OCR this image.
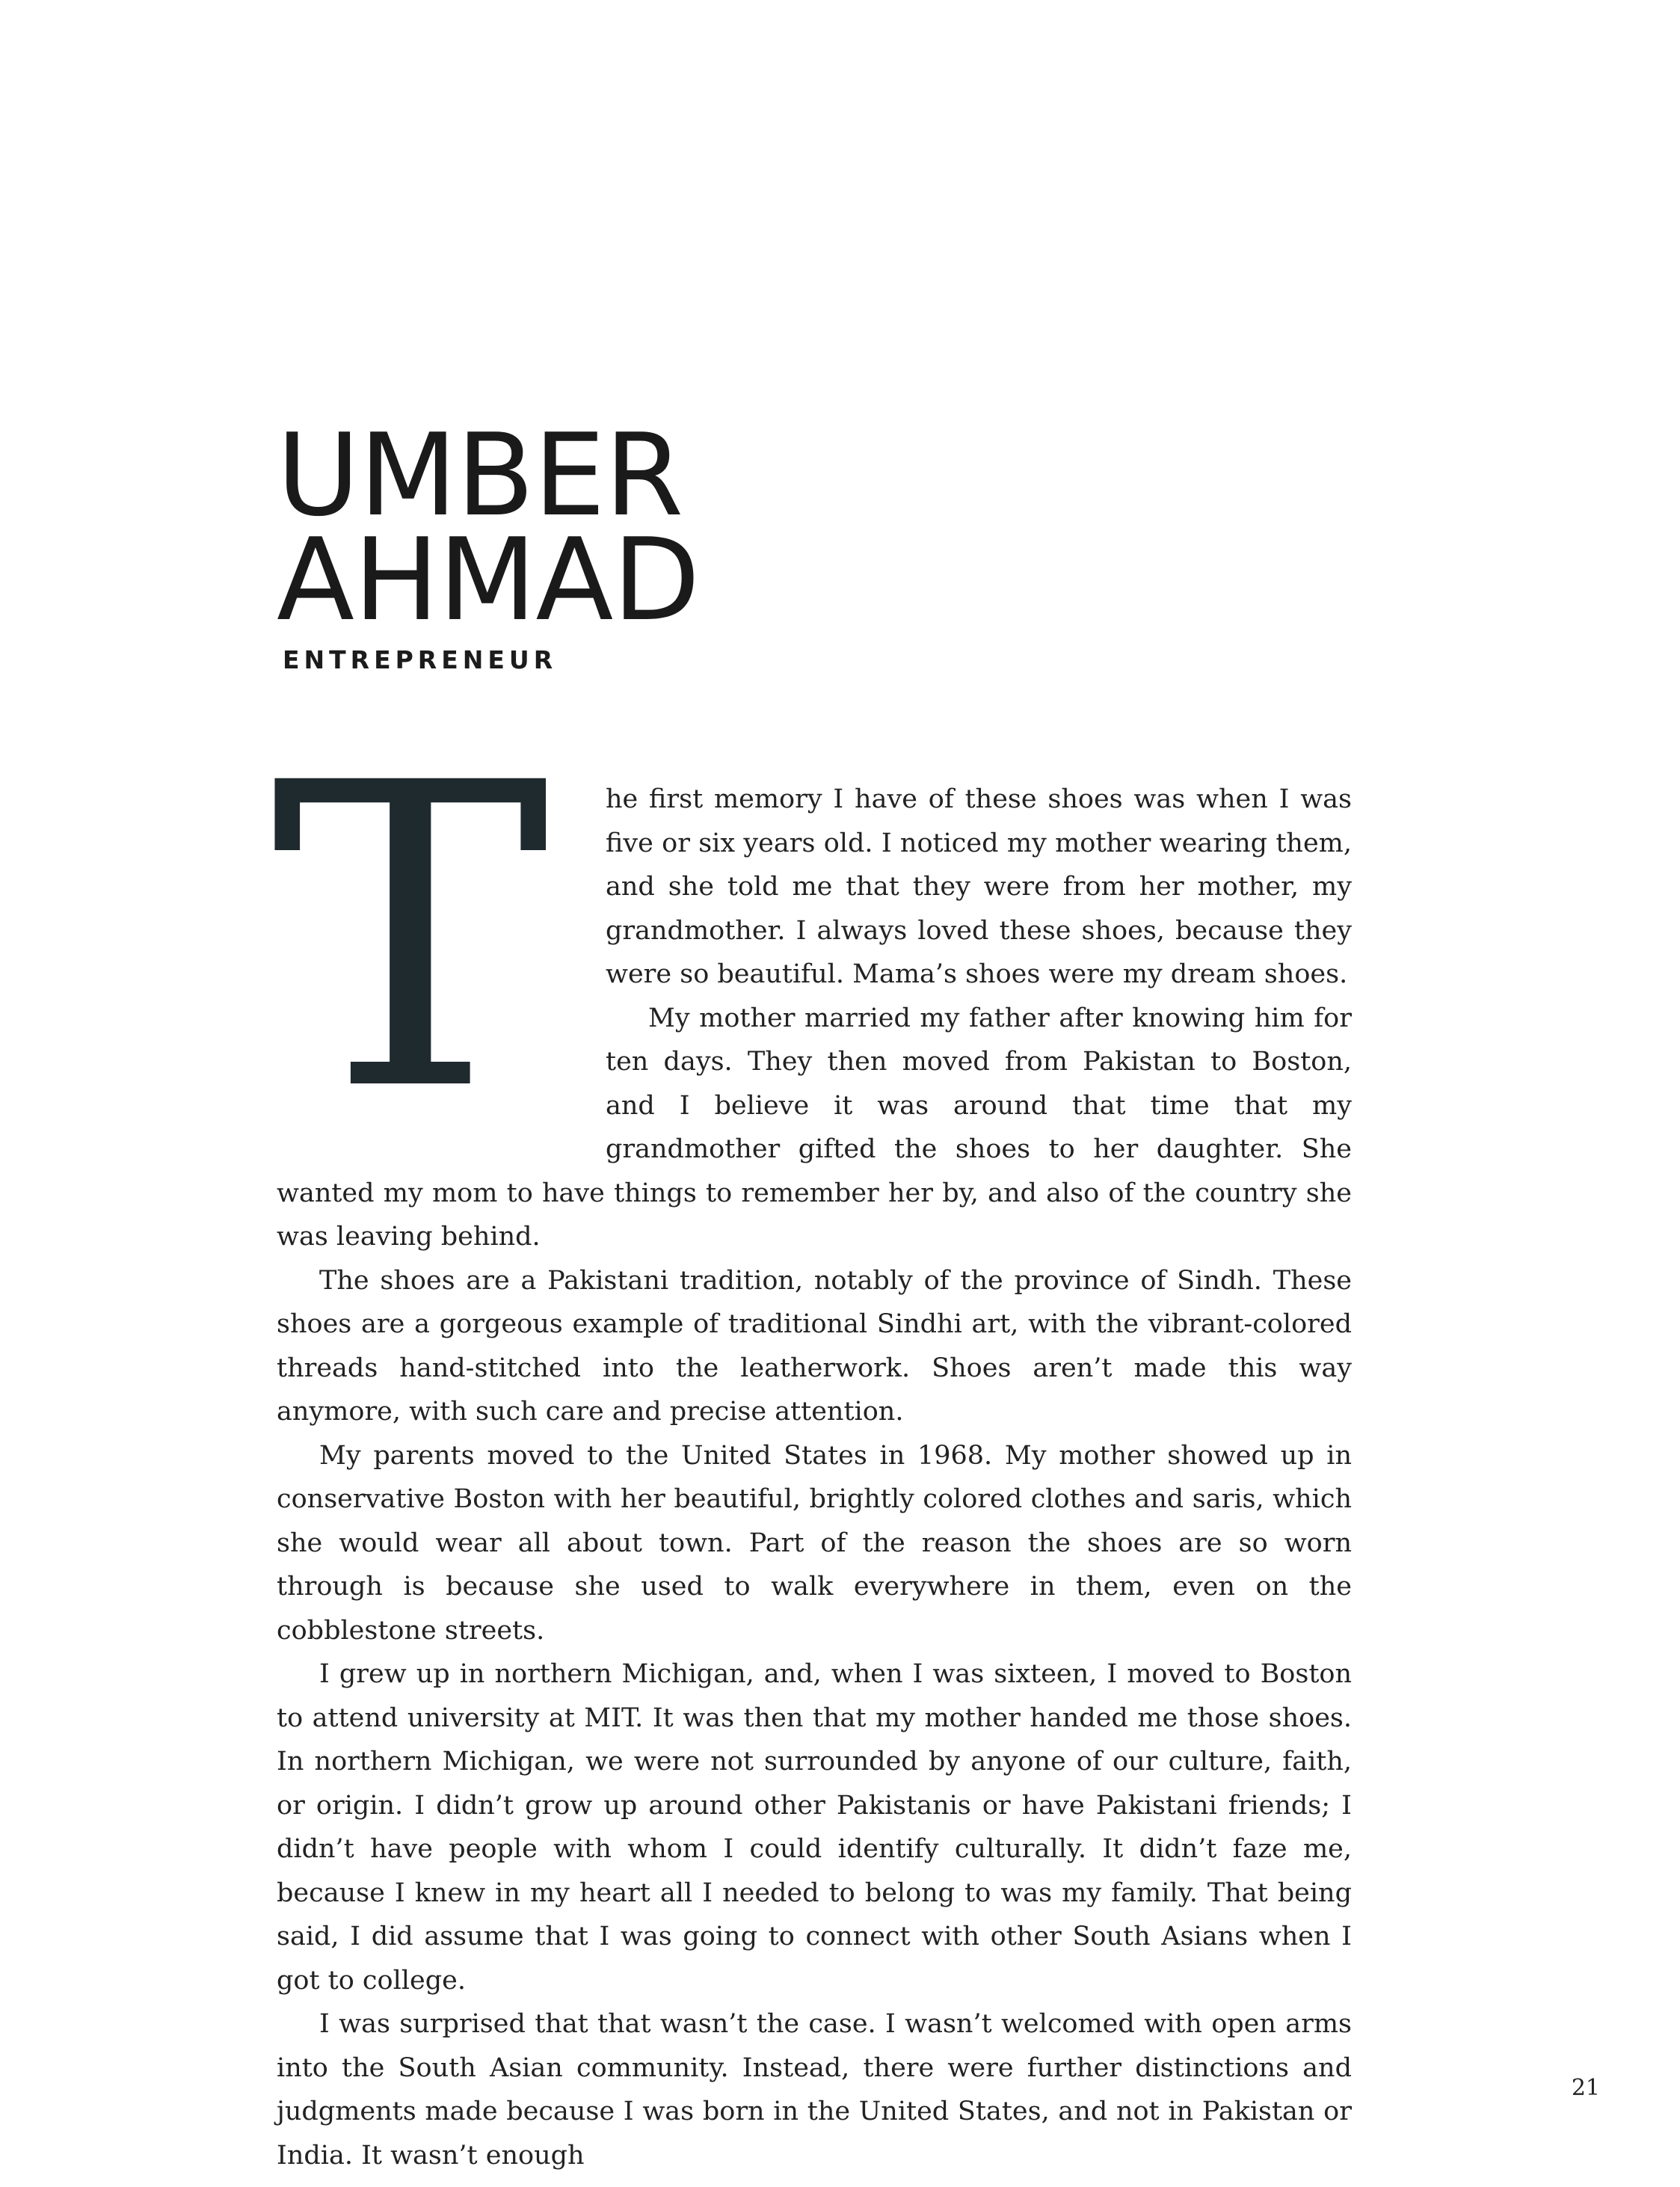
UMBER
AHMAD
ENTREPRENEUR
T	he first memory I have of these shoes was when I was five or six years old. I noticed my mother wearing them, and she told me that they were from her mother, my grandmother. I always loved these shoes, because they were so beautiful. Mama’s shoes were my dream shoes.

My mother married my father after knowing him for ten days. They then moved from Pakistan to Boston, and I believe it was around that time that my grandmother gifted the shoes to her daughter. She wanted my mom to have things to remember her by, and also of the country she was leaving behind.

The shoes are a Pakistani tradition, notably of the province of Sindh. These shoes are a gorgeous example of traditional Sindhi art, with the vibrant-colored threads hand-stitched into the leatherwork. Shoes aren’t made this way anymore, with such care and precise attention.

My parents moved to the United States in 1968. My mother showed up in conservative Boston with her beautiful, brightly colored clothes and saris, which she would wear all about town. Part of the reason the shoes are so worn through is because she used to walk everywhere in them, even on the cobblestone streets.

I grew up in northern Michigan, and, when I was sixteen, I moved to Boston to attend university at MIT. It was then that my mother handed me those shoes. In northern Michigan, we were not surrounded by anyone of our culture, faith, or origin. I didn’t grow up around other Pakistanis or have Pakistani friends; I didn’t have people with whom I could identify culturally. It didn’t faze me, because I knew in my heart all I needed to belong to was my family. That being said, I did assume that I was going to connect with other South Asians when I got to college.

I was surprised that that wasn’t the case. I wasn’t welcomed with open arms into the South Asian community. Instead, there were further distinctions and judgments made because I was born in the United States, and not in Pakistan or India. It wasn’t enough

21
